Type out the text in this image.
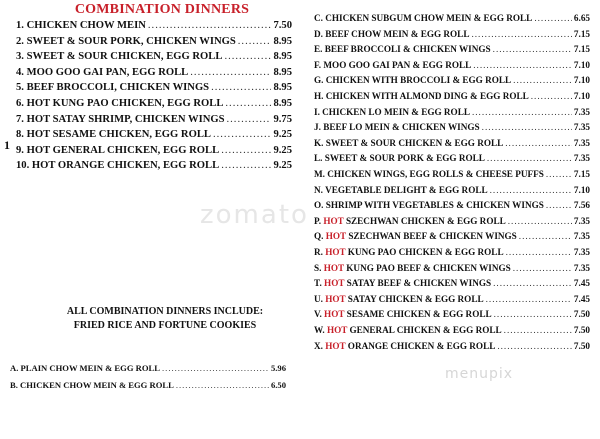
COMBINATION DINNERS
1. CHICKEN CHOW MEIN .....	7.50
2. SWEET & SOUR PORK, CHICKEN WINGS .....	8.95
3. SWEET & SOUR CHICKEN, EGG ROLL .....	8.95
4. MOO GOO GAI PAN, EGG ROLL .....	8.95
5. BEEF BROCCOLI, CHICKEN WINGS .....	8.95
6. HOT KUNG PAO CHICKEN, EGG ROLL .....	8.95
7. HOT SATAY SHRIMP, CHICKEN WINGS .....	9.75
8. HOT SESAME CHICKEN, EGG ROLL .....	9.25
9. HOT GENERAL CHICKEN, EGG ROLL .....	9.25
10. HOT ORANGE CHICKEN, EGG ROLL .....	9.25
1
ALL COMBINATION DINNERS INCLUDE:
FRIED RICE AND FORTUNE COOKIES
A. PLAIN CHOW MEIN & EGG ROLL .....	5.96
B. CHICKEN CHOW MEIN & EGG ROLL .....	6.50
C. CHICKEN SUBGUM CHOW MEIN & EGG ROLL .....	6.65
D. BEEF CHOW MEIN & EGG ROLL .....	7.15
E. BEEF BROCCOLI & CHICKEN WINGS .....	7.15
F. MOO GOO GAI PAN & EGG ROLL .....	7.10
G. CHICKEN WITH BROCCOLI & EGG ROLL .....	7.10
H. CHICKEN WITH ALMOND DING & EGG ROLL .....	7.10
I. CHICKEN LO MEIN & EGG ROLL .....	7.35
J. BEEF LO MEIN & CHICKEN WINGS .....	7.35
K. SWEET & SOUR CHICKEN & EGG ROLL .....	7.35
L. SWEET & SOUR PORK & EGG ROLL .....	7.35
M. CHICKEN WINGS, EGG ROLLS & CHEESE PUFFS .....	7.15
N. VEGETABLE DELIGHT & EGG ROLL .....	7.10
O. SHRIMP WITH VEGETABLES & CHICKEN WINGS .....	7.56
P. HOT SZECHWAN CHICKEN & EGG ROLL .....	7.35
Q. HOT SZECHWAN BEEF & CHICKEN WINGS .....	7.35
R. HOT KUNG PAO CHICKEN & EGG ROLL .....	7.35
S. HOT KUNG PAO BEEF & CHICKEN WINGS .....	7.35
T. HOT SATAY BEEF & CHICKEN WINGS .....	7.45
U. HOT SATAY CHICKEN & EGG ROLL .....	7.45
V. HOT SESAME CHICKEN & EGG ROLL .....	7.50
W. HOT GENERAL CHICKEN & EGG ROLL .....	7.50
X. HOT ORANGE CHICKEN & EGG ROLL .....	7.50
zomato
menupix
